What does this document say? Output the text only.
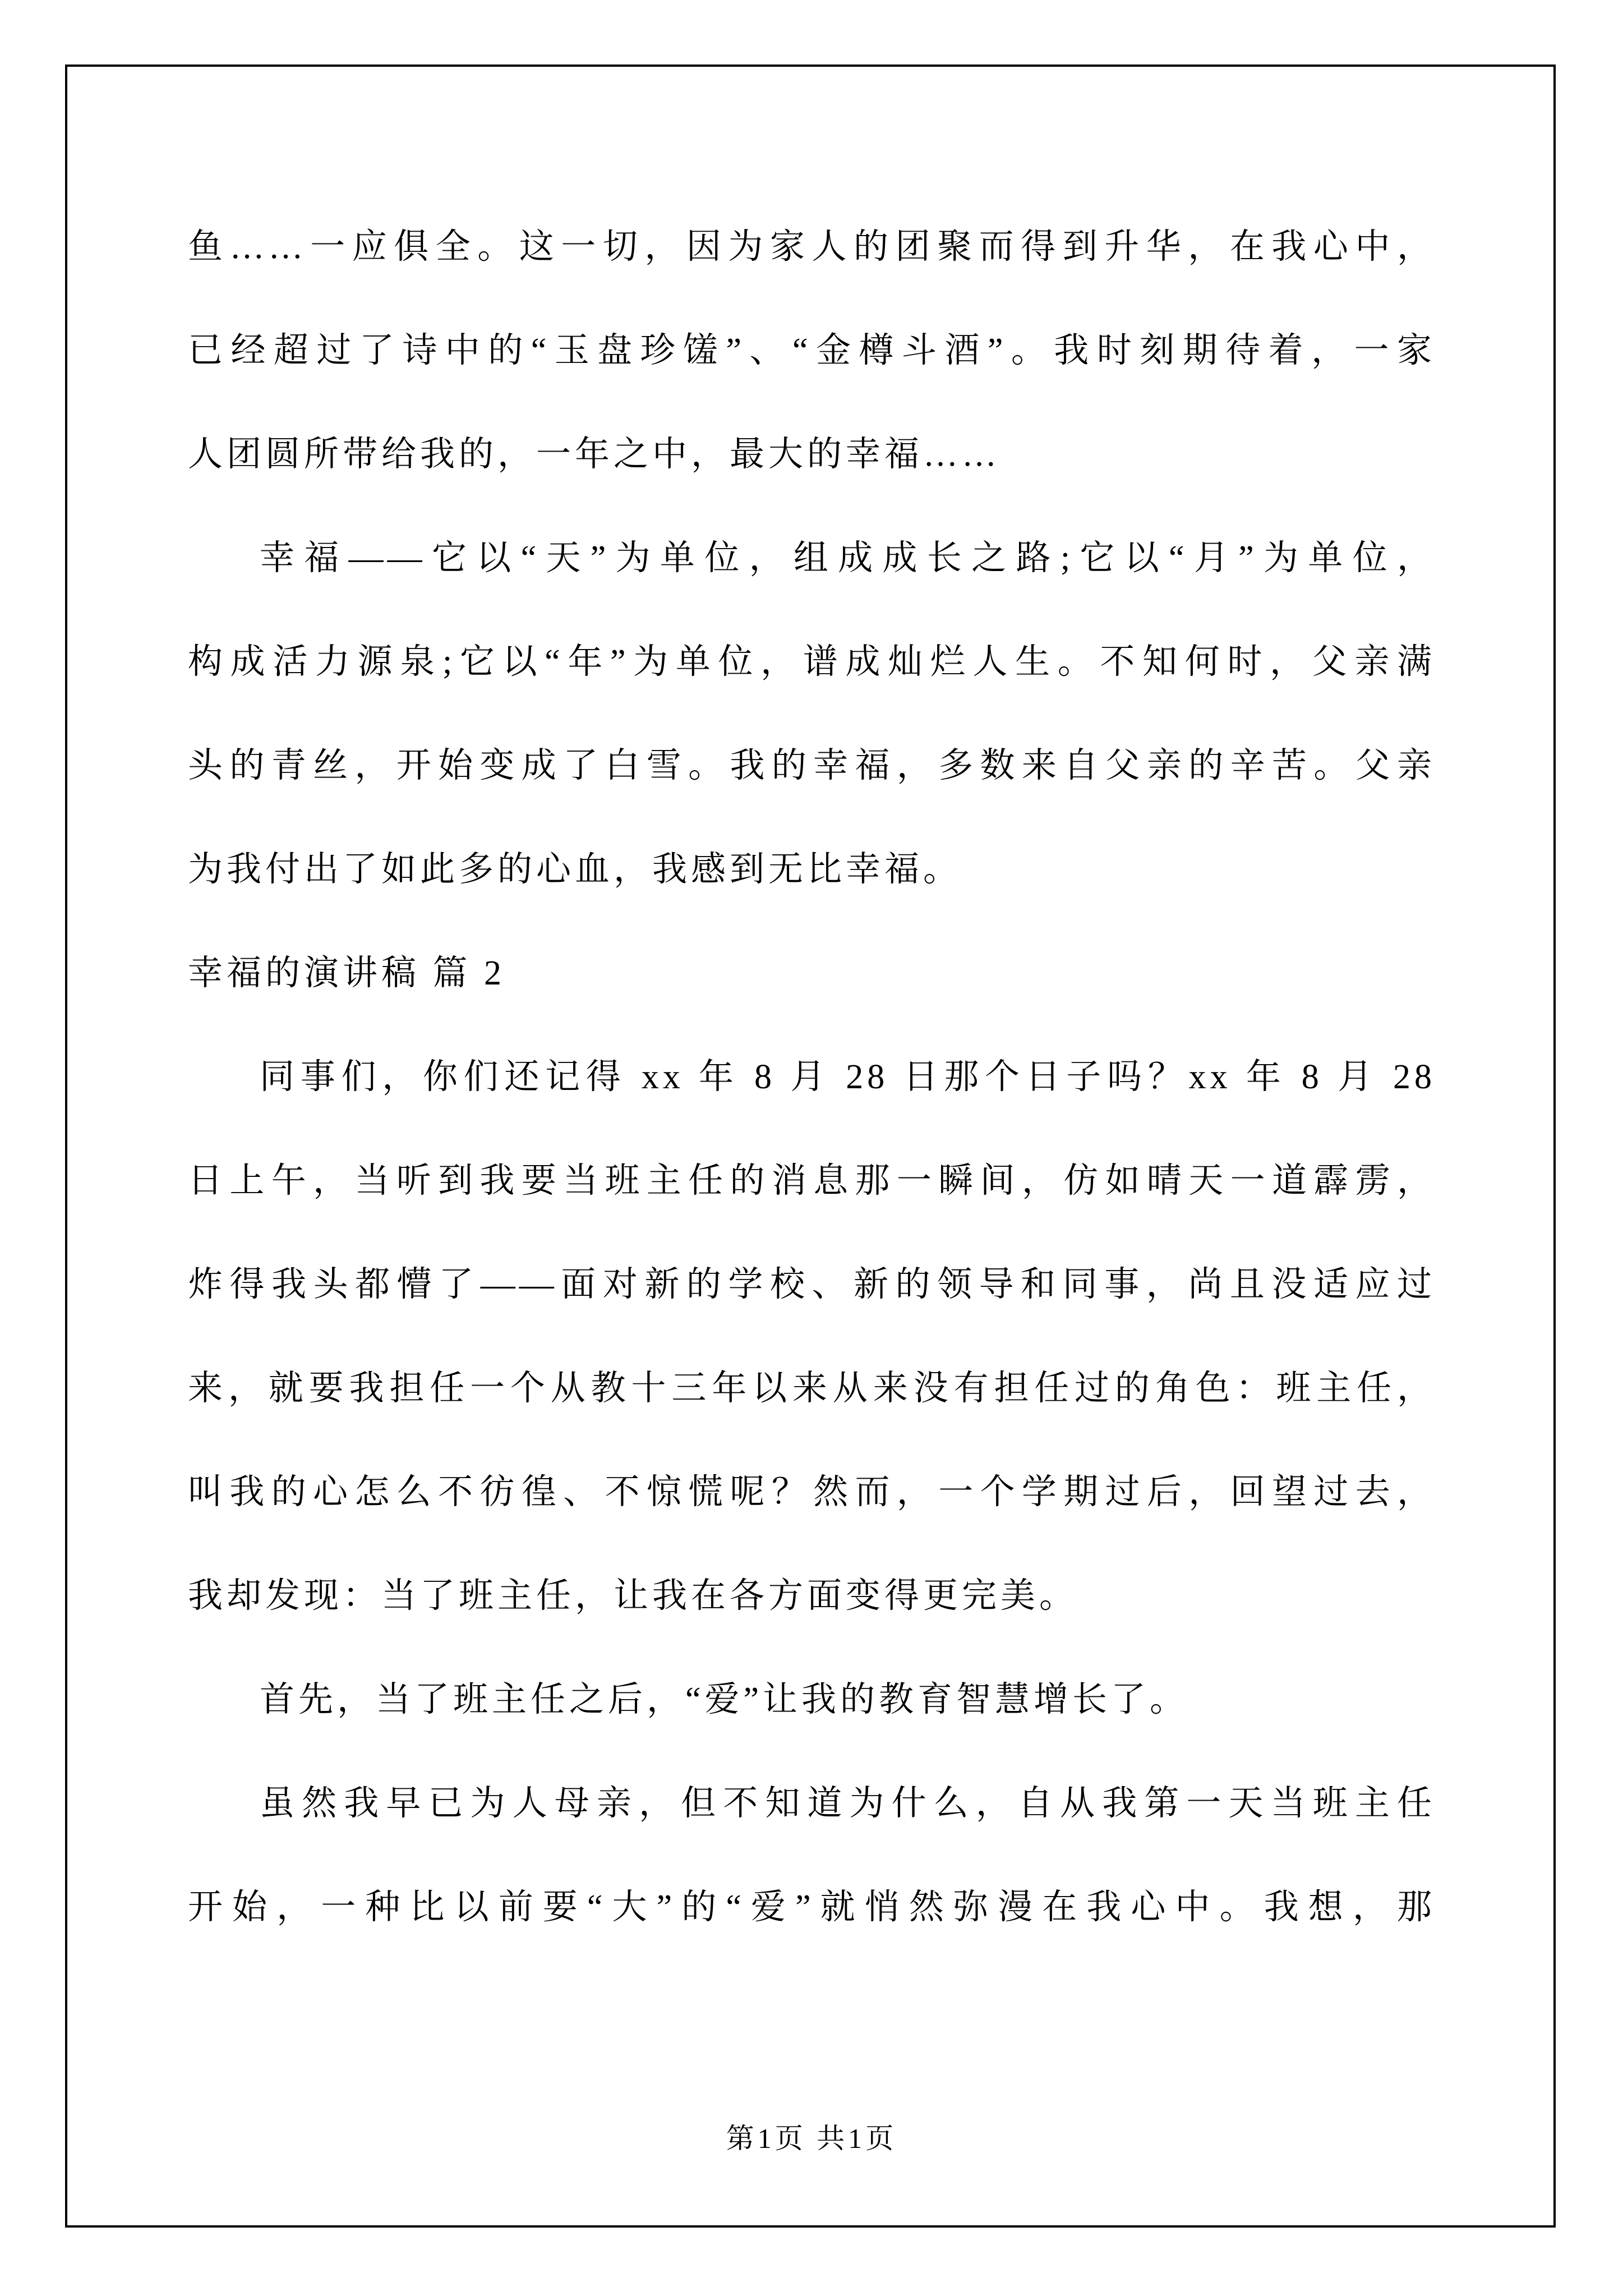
鱼……一应俱全。这一切，因为家人的团聚而得到升华，在我心中，
已经超过了诗中的“玉盘珍馐”、“金樽斗酒”。我时刻期待着，一家
人团圆所带给我的，一年之中，最大的幸福……
幸福——它以“天”为单位，组成成长之路;它以“月”为单位，
构成活力源泉;它以“年”为单位，谱成灿烂人生。不知何时，父亲满
头的青丝，开始变成了白雪。我的幸福，多数来自父亲的辛苦。父亲
为我付出了如此多的心血，我感到无比幸福。
幸福的演讲稿 篇 2
同事们，你们还记得 xx 年 8 月 28 日那个日子吗？xx 年 8 月 28
日上午，当听到我要当班主任的消息那一瞬间，仿如晴天一道霹雳，
炸得我头都懵了——面对新的学校、新的领导和同事，尚且没适应过
来，就要我担任一个从教十三年以来从来没有担任过的角色：班主任，
叫我的心怎么不彷徨、不惊慌呢？然而，一个学期过后，回望过去，
我却发现：当了班主任，让我在各方面变得更完美。
首先，当了班主任之后，“爱”让我的教育智慧增长了。
虽然我早已为人母亲，但不知道为什么，自从我第一天当班主任
开始，一种比以前要“大”的“爱”就悄然弥漫在我心中。我想，那
第1页 共1页
